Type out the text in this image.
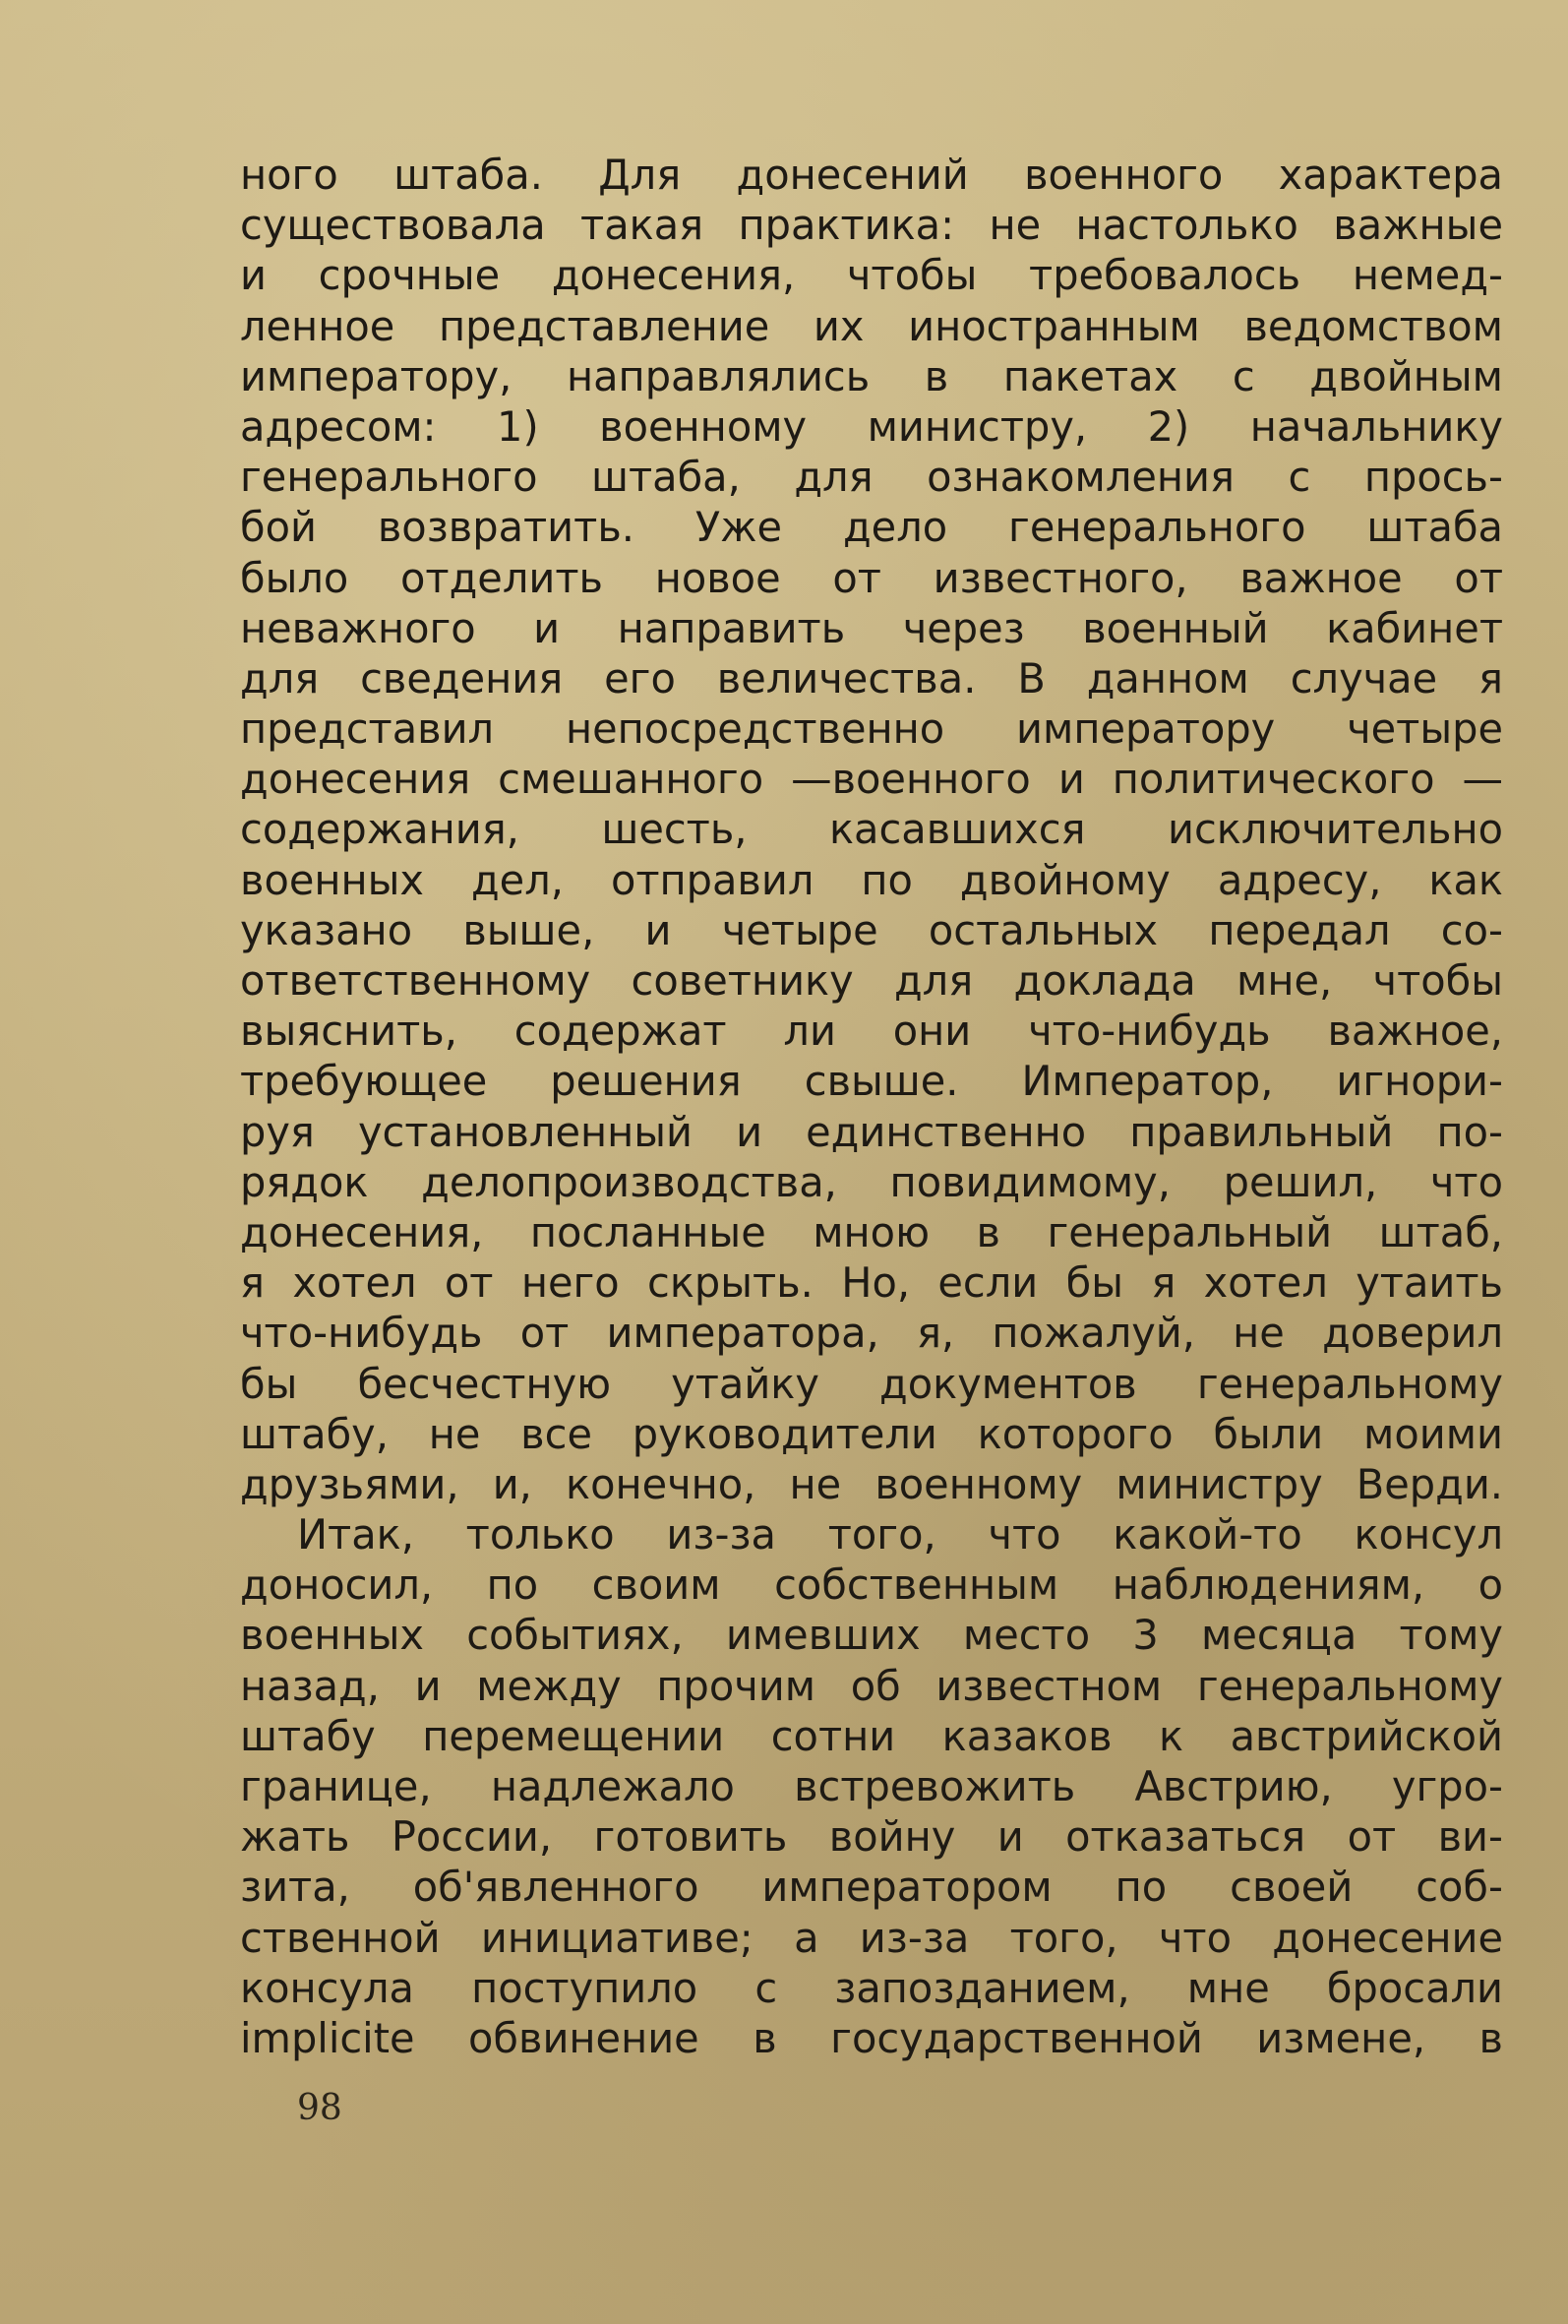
ного штаба. Для донесений военного характера
существовала такая практика: не настолько важные
и срочные донесения, чтобы требовалось немед-
ленное представление их иностранным ведомством
императору, направлялись в пакетах с двойным
адресом: 1) военному министру, 2) начальнику
генерального штаба, для ознакомления с прось-
бой возвратить. Уже дело генерального штаба
было отделить новое от известного, важное от
неважного и направить через военный кабинет
для сведения его величества. В данном случае я
представил непосредственно императору четыре
донесения смешанного —военного и политического —
содержания, шесть, касавшихся исключительно
военных дел, отправил по двойному адресу, как
указано выше, и четыре остальных передал со-
ответственному советнику для доклада мне, чтобы
выяснить, содержат ли они что-нибудь важное,
требующее решения свыше. Император, игнори-
руя установленный и единственно правильный по-
рядок делопроизводства, повидимому, решил, что
донесения, посланные мною в генеральный штаб,
я хотел от него скрыть. Но, если бы я хотел утаить
что-нибудь от императора, я, пожалуй, не доверил
бы бесчестную утайку документов генеральному
штабу, не все руководители которого были моими
друзьями, и, конечно, не военному министру Верди.
Итак, только из-за того, что какой-то консул
доносил, по своим собственным наблюдениям, о
военных событиях, имевших место 3 месяца тому
назад, и между прочим об известном генеральному
штабу перемещении сотни казаков к австрийской
границе, надлежало встревожить Австрию, угро-
жать России, готовить войну и отказаться от ви-
зита, об'явленного императором по своей соб-
ственной инициативе; а из-за того, что донесение
консула поступило с запозданием, мне бросали
implicite обвинение в государственной измене, в
98
